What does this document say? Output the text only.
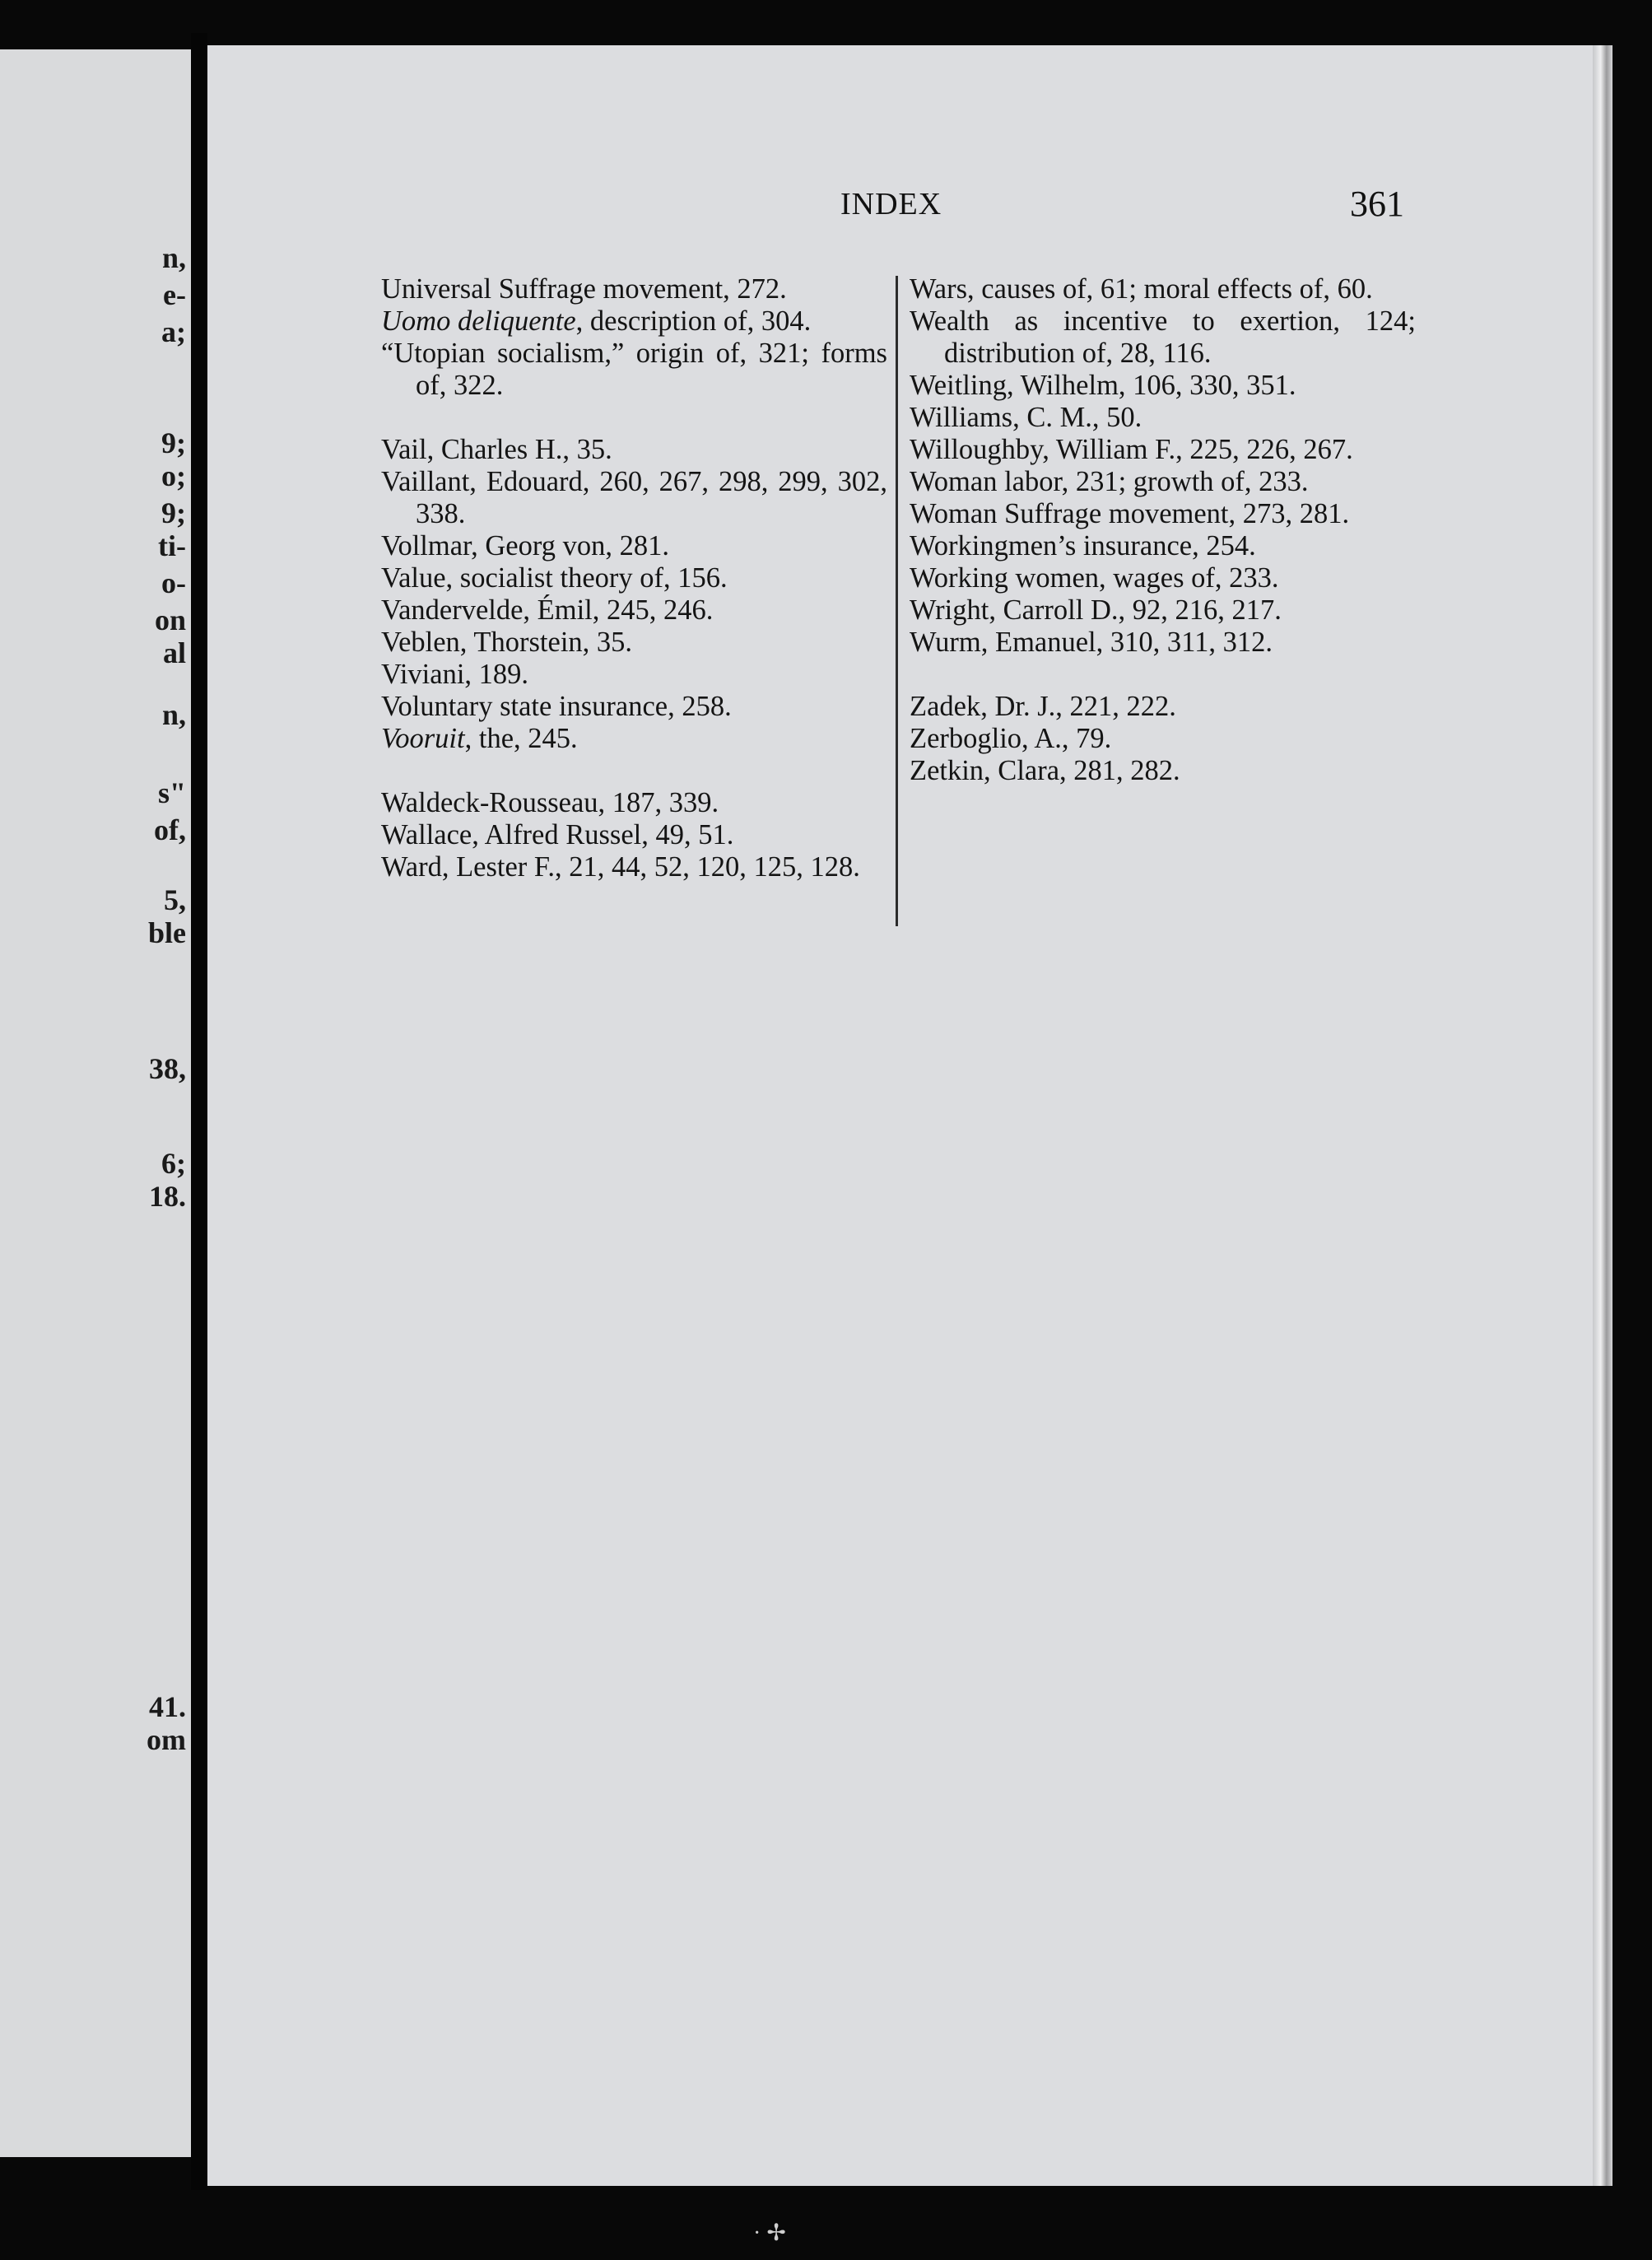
n,
e-
a;
9;
o;
9;
ti-
o-
on
al
n,
s"
of,
5,
ble
38,
6;
18.
41.
om
INDEX	361
Universal Suffrage movement, 272.
Uomo deliquente, description of, 304.
“Utopian socialism,” origin of, 321; forms of, 322.
Vail, Charles H., 35.
Vaillant, Edouard, 260, 267, 298, 299, 302, 338.
Vollmar, Georg von, 281.
Value, socialist theory of, 156.
Vandervelde, Émil, 245, 246.
Veblen, Thorstein, 35.
Viviani, 189.
Voluntary state insurance, 258.
Vooruit, the, 245.
Waldeck-Rousseau, 187, 339.
Wallace, Alfred Russel, 49, 51.
Ward, Lester F., 21, 44, 52, 120, 125, 128.
Wars, causes of, 61; moral effects of, 60.
Wealth as incentive to exertion, 124; distribution of, 28, 116.
Weitling, Wilhelm, 106, 330, 351.
Williams, C. M., 50.
Willoughby, William F., 225, 226, 267.
Woman labor, 231; growth of, 233.
Woman Suffrage movement, 273, 281.
Workingmen’s insurance, 254.
Working women, wages of, 233.
Wright, Carroll D., 92, 216, 217.
Wurm, Emanuel, 310, 311, 312.
Zadek, Dr. J., 221, 222.
Zerboglio, A., 79.
Zetkin, Clara, 281, 282.
· ✢
